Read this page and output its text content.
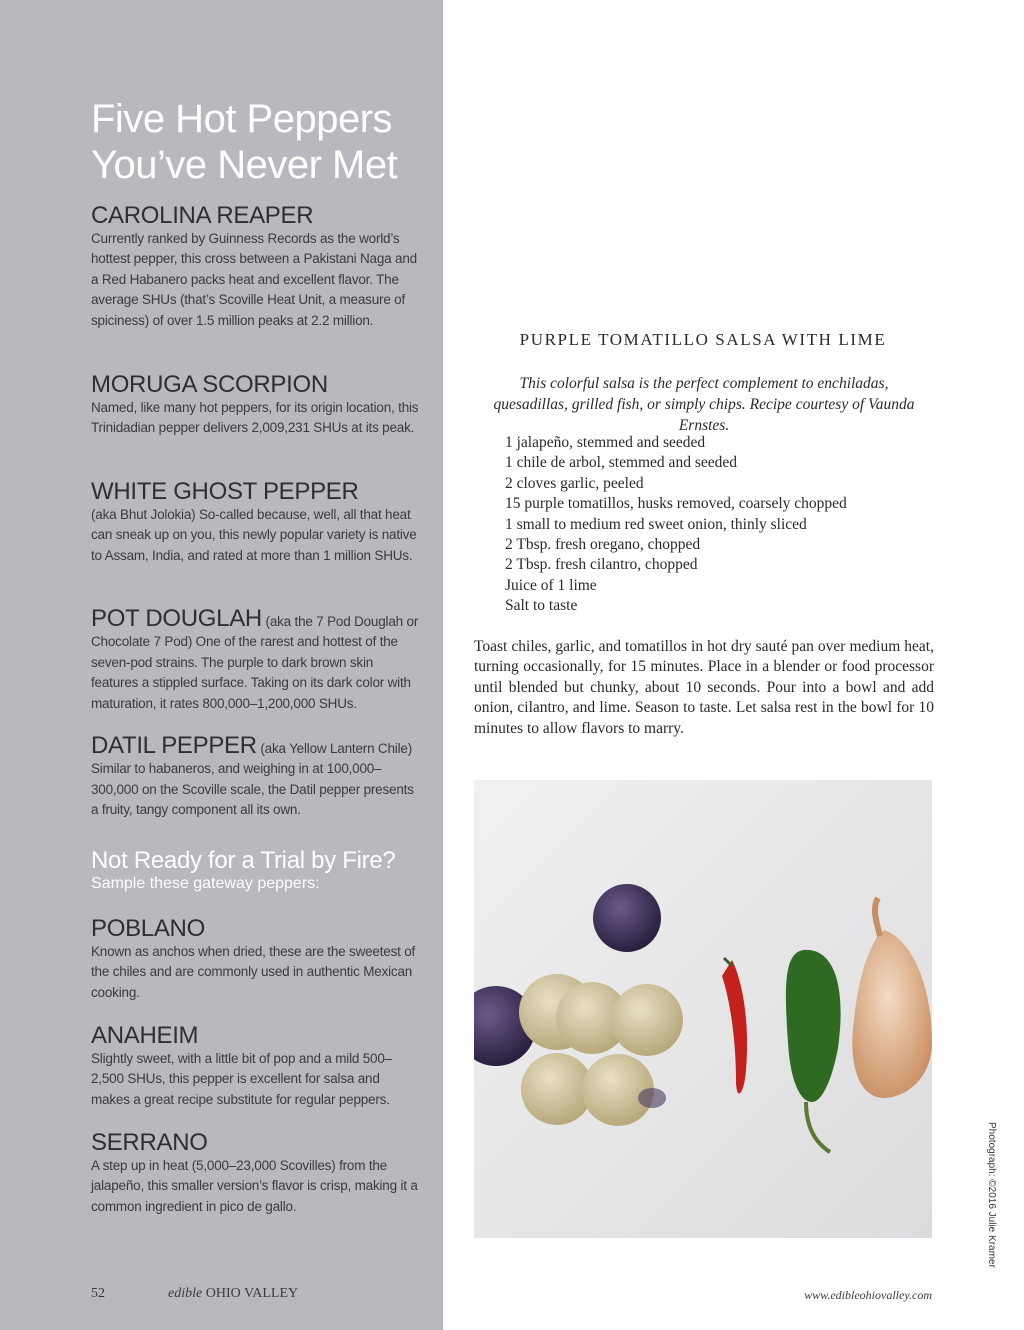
Five Hot Peppers
You’ve Never Met
CAROLINA REAPER
Currently ranked by Guinness Records as the world’s hottest pepper, this cross between a Pakistani Naga and a Red Habanero packs heat and excellent flavor. The average SHUs (that’s Scoville Heat Unit, a measure of spiciness) of over 1.5 million peaks at 2.2 million.
MORUGA SCORPION
Named, like many hot peppers, for its origin location, this Trinidadian pepper delivers 2,009,231 SHUs at its peak.
WHITE GHOST PEPPER
(aka Bhut Jolokia) So-called because, well, all that heat can sneak up on you, this newly popular variety is native to Assam, India, and rated at more than 1 million SHUs.
POT DOUGLAH (aka the 7 Pod Douglah or Chocolate 7 Pod) One of the rarest and hottest of the seven-pod strains. The purple to dark brown skin features a stippled surface. Taking on its dark color with maturation, it rates 800,000–1,200,000 SHUs.
DATIL PEPPER (aka Yellow Lantern Chile) Similar to habaneros, and weighing in at 100,000–300,000 on the Scoville scale, the Datil pepper presents a fruity, tangy component all its own.
Not Ready for a Trial by Fire?
Sample these gateway peppers:
POBLANO
Known as anchos when dried, these are the sweetest of the chiles and are commonly used in authentic Mexican cooking.
ANAHEIM
Slightly sweet, with a little bit of pop and a mild 500–2,500 SHUs, this pepper is excellent for salsa and makes a great recipe substitute for regular peppers.
SERRANO
A step up in heat (5,000–23,000 Scovilles) from the jalapeño, this smaller version’s flavor is crisp, making it a common ingredient in pico de gallo.
52	edible OHIO VALLEY
PURPLE TOMATILLO SALSA WITH LIME
This colorful salsa is the perfect complement to enchiladas, quesadillas, grilled fish, or simply chips. Recipe courtesy of Vaunda Ernstes.
1 jalapeño, stemmed and seeded
1 chile de arbol, stemmed and seeded
2 cloves garlic, peeled
15 purple tomatillos, husks removed, coarsely chopped
1 small to medium red sweet onion, thinly sliced
2 Tbsp. fresh oregano, chopped
2 Tbsp. fresh cilantro, chopped
Juice of 1 lime
Salt to taste
Toast chiles, garlic, and tomatillos in hot dry sauté pan over medium heat, turning occasionally, for 15 minutes. Place in a blender or food processor until blended but chunky, about 10 seconds. Pour into a bowl and add onion, cilantro, and lime. Season to taste. Let salsa rest in the bowl for 10 minutes to allow flavors to marry.
Photograph: ©2016 Julie Kramer
www.edibleohiovalley.com
